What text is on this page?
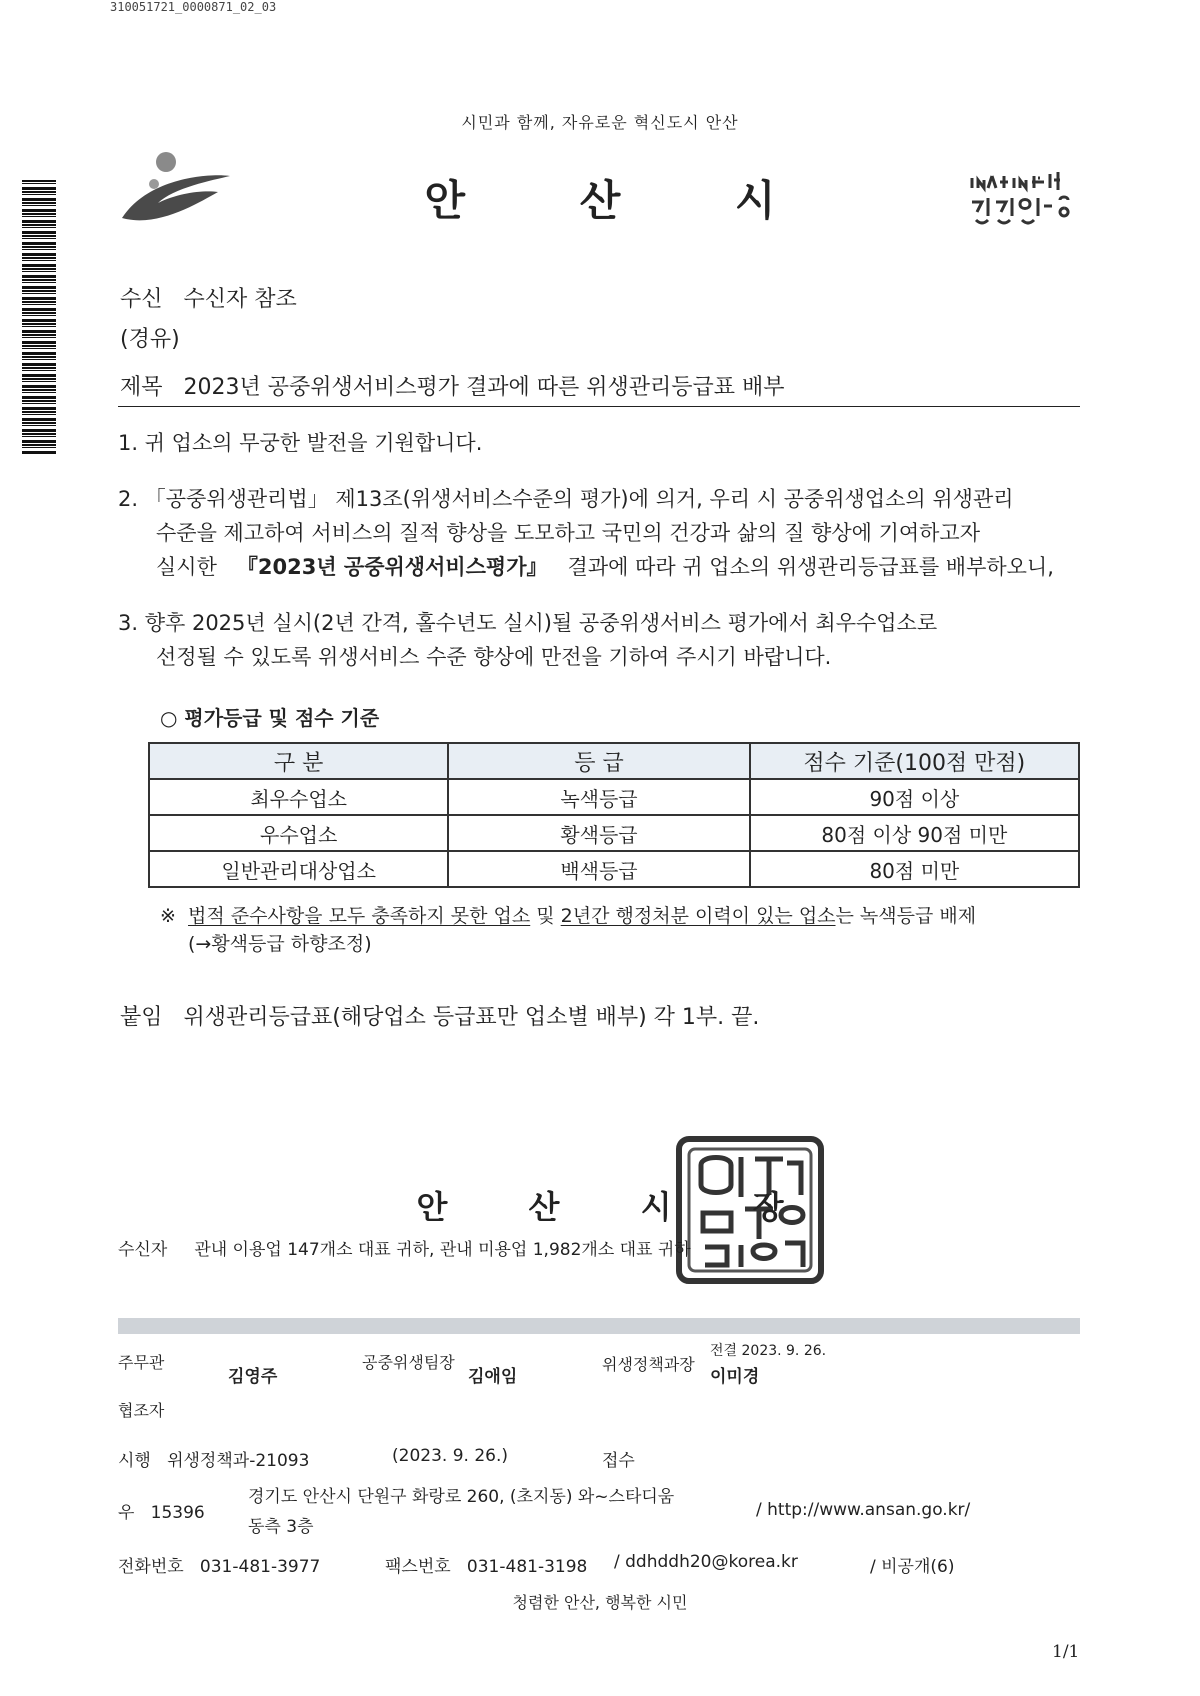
310051721_0000871_02_03
시민과 함께, 자유로운 혁신도시 안산
안	산	시
수신 수신자 참조
(경유)
제목 2023년 공중위생서비스평가 결과에 따른 위생관리등급표 배부
1. 귀 업소의 무궁한 발전을 기원합니다.
2. 「공중위생관리법」 제13조(위생서비스수준의 평가)에 의거, 우리 시 공중위생업소의 위생관리
수준을 제고하여 서비스의 질적 향상을 도모하고 국민의 건강과 삶의 질 향상에 기여하고자
실시한 『2023년 공중위생서비스평가』 결과에 따라 귀 업소의 위생관리등급표를 배부하오니,
3. 향후 2025년 실시(2년 간격, 홀수년도 실시)될 공중위생서비스 평가에서 최우수업소로
선정될 수 있도록 위생서비스 수준 향상에 만전을 기하여 주시기 바랍니다.
○ 평가등급 및 점수 기준
구 분	등 급	점수 기준(100점 만점)
최우수업소	녹색등급	90점 이상
우수업소	황색등급	80점 이상 90점 미만
일반관리대상업소	백색등급	80점 미만
※ 법적 준수사항을 모두 충족하지 못한 업소 및 2년간 행정처분 이력이 있는 업소는 녹색등급 배제
(→황색등급 하향조정)
붙임 위생관리등급표(해당업소 등급표만 업소별 배부) 각 1부. 끝.
안	산	시	장
수신자 관내 이용업 147개소 대표 귀하, 관내 미용업 1,982개소 대표 귀하
주무관
김영주
공중위생팀장
김애임
위생정책과장
전결 2023. 9. 26.
이미경
협조자
시행 위생정책과-21093	(2023. 9. 26.)	접수
우 15396
경기도 안산시 단원구 화랑로 260, (초지동) 와~스타디움
동측 3층
/ http://www.ansan.go.kr/
전화번호 031-481-3977	팩스번호 031-481-3198 / ddhddh20@korea.kr	/ 비공개(6)
청렴한 안산, 행복한 시민
1/1
